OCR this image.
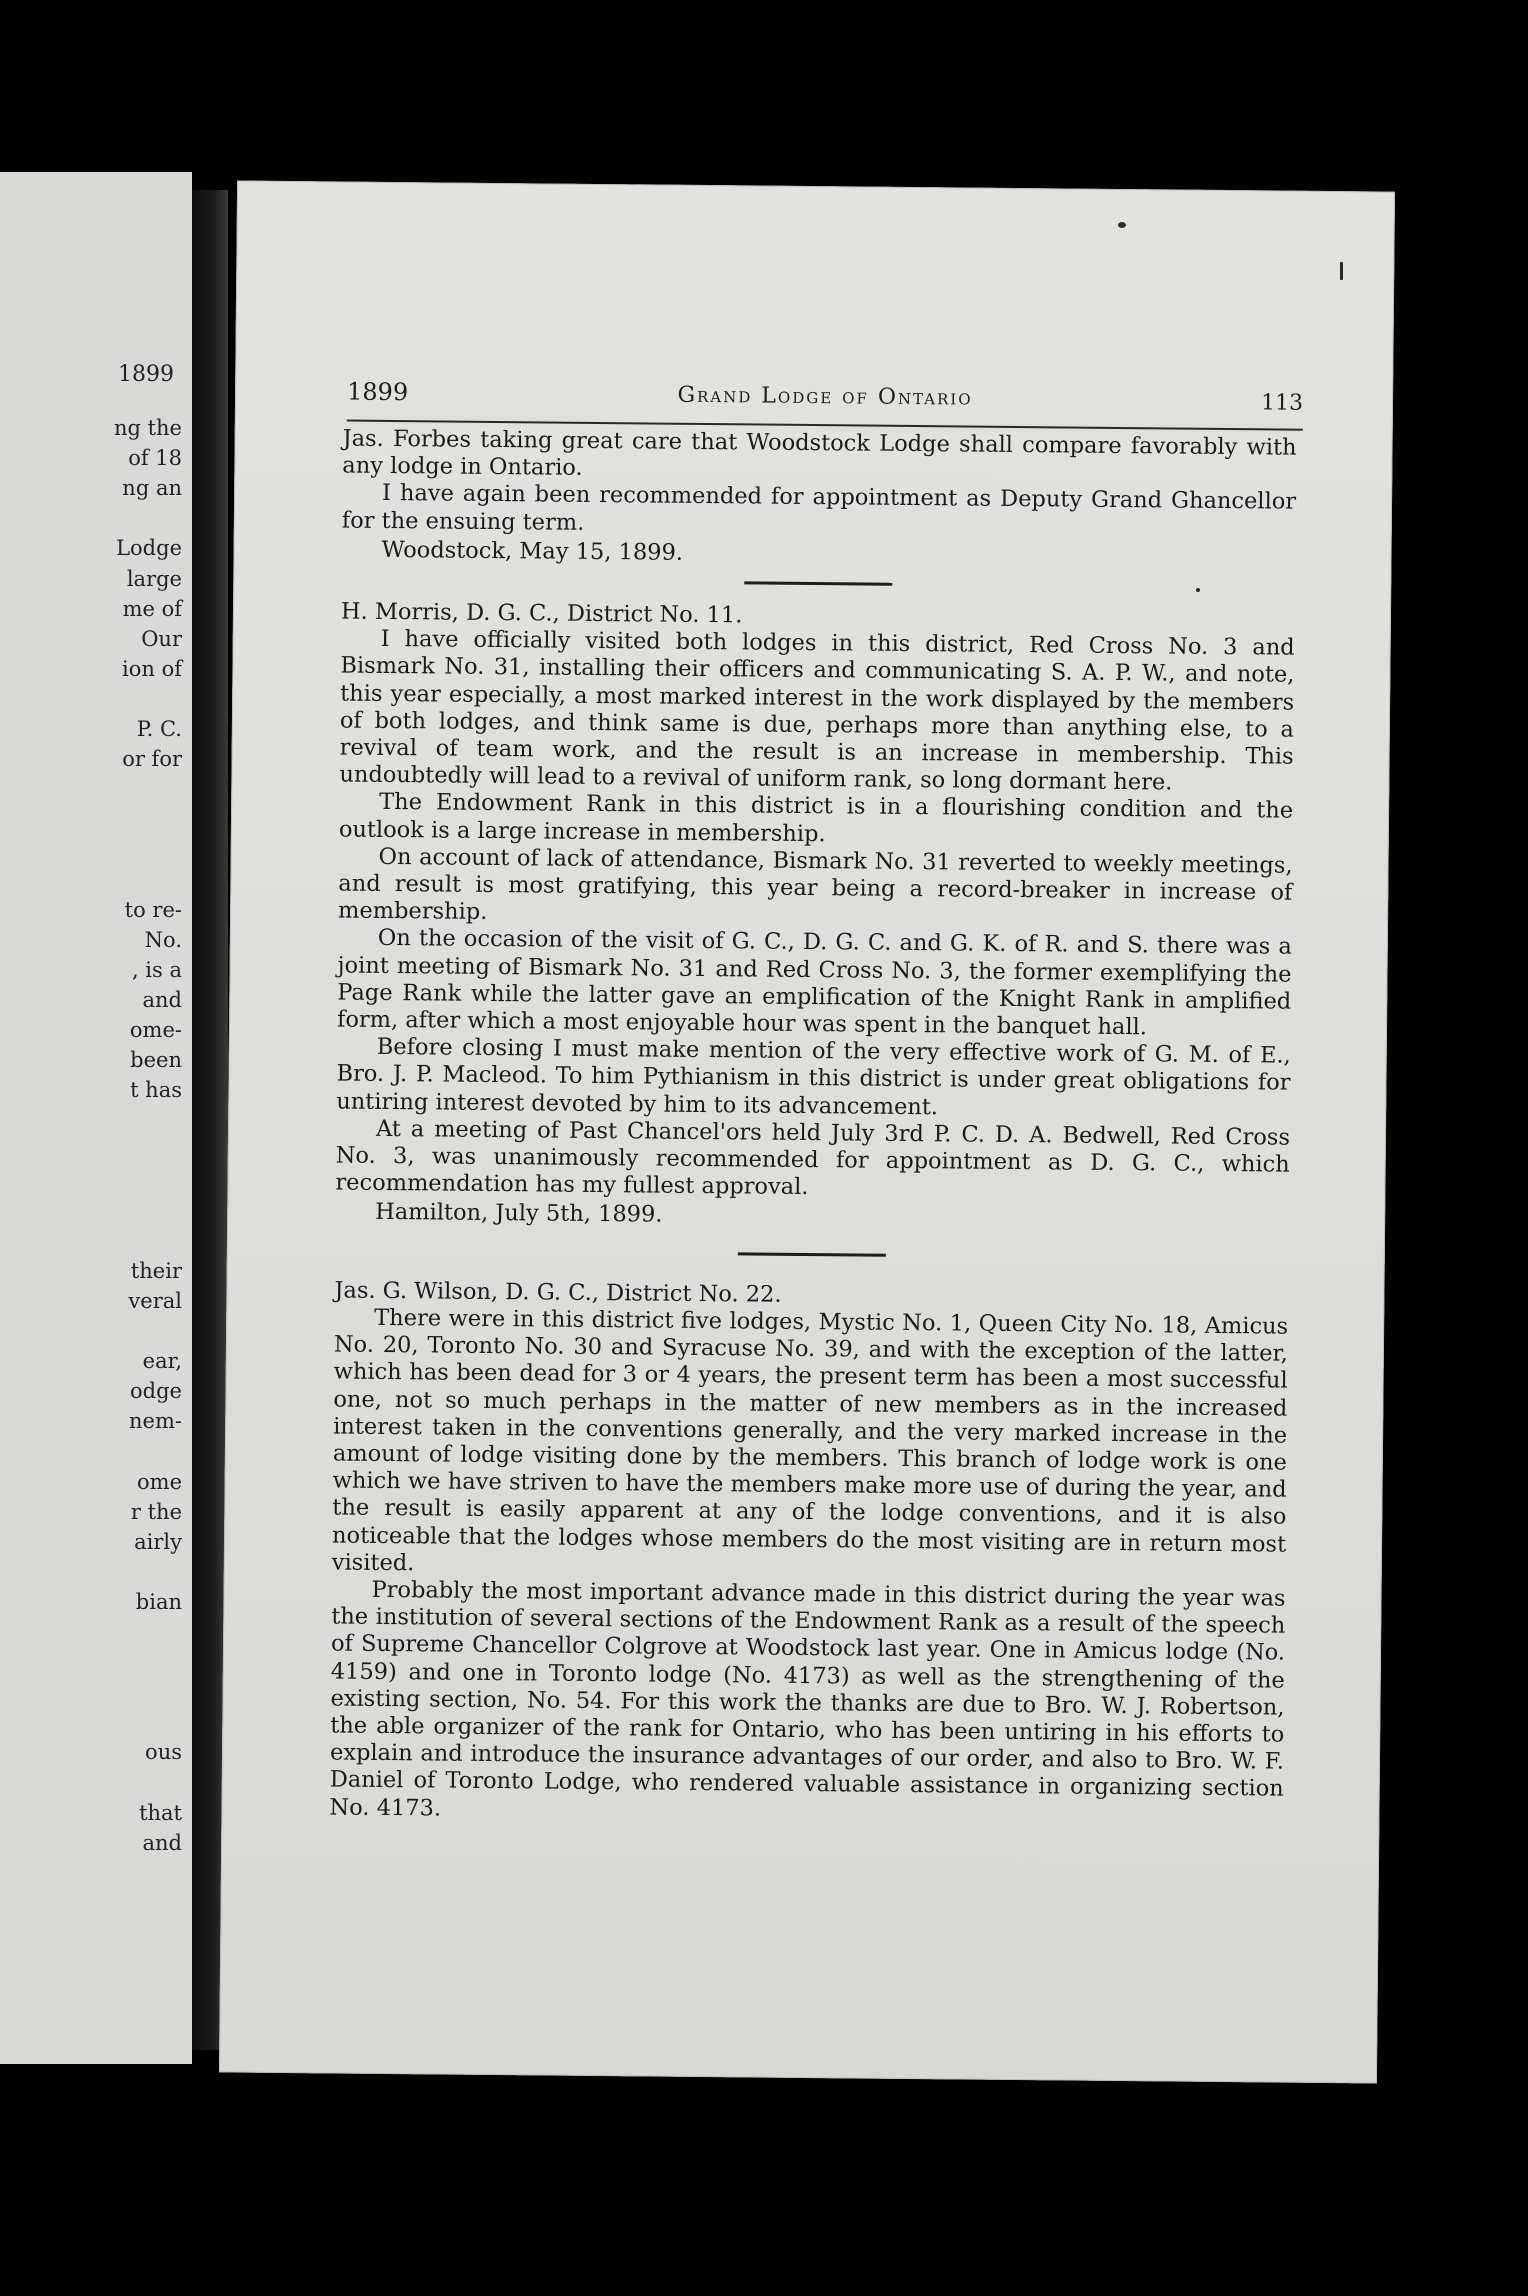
1899
ng the
of 18
ng an
Lodge
large
me of
Our
ion of
P. C.
or for
to re-
No.
, is a
and
ome-
been
t has
their
veral
ear,
odge
nem-
ome
r the
airly
bian
ous
that
and
1899	Grand Lodge of Ontario	113

Jas. Forbes taking great care that Woodstock Lodge shall compare favorably with any lodge in Ontario.

I have again been recommended for appointment as Deputy Grand Ghancellor for the ensuing term.

Woodstock, May 15, 1899.

H. Morris, D. G. C., District No. 11.

I have officially visited both lodges in this district, Red Cross No. 3 and Bismark No. 31, installing their officers and communicating S. A. P. W., and note, this year especially, a most marked interest in the work displayed by the members of both lodges, and think same is due, perhaps more than anything else, to a revival of team work, and the result is an increase in membership. This undoubtedly will lead to a revival of uniform rank, so long dormant here.

The Endowment Rank in this district is in a flourishing condition and the outlook is a large increase in membership.

On account of lack of attendance, Bismark No. 31 reverted to weekly meetings, and result is most gratifying, this year being a record-breaker in increase of membership.

On the occasion of the visit of G. C., D. G. C. and G. K. of R. and S. there was a joint meeting of Bismark No. 31 and Red Cross No. 3, the former exemplifying the Page Rank while the latter gave an emplification of the Knight Rank in amplified form, after which a most enjoyable hour was spent in the banquet hall.

Before closing I must make mention of the very effective work of G. M. of E., Bro. J. P. Macleod. To him Pythianism in this district is under great obligations for untiring interest devoted by him to its advancement.

At a meeting of Past Chancel'ors held July 3rd P. C. D. A. Bedwell, Red Cross No. 3, was unanimously recommended for appointment as D. G. C., which recommendation has my fullest approval.

Hamilton, July 5th, 1899.

Jas. G. Wilson, D. G. C., District No. 22.

There were in this district five lodges, Mystic No. 1, Queen City No. 18, Amicus No. 20, Toronto No. 30 and Syracuse No. 39, and with the exception of the latter, which has been dead for 3 or 4 years, the present term has been a most successful one, not so much perhaps in the matter of new members as in the increased interest taken in the conventions generally, and the very marked increase in the amount of lodge visiting done by the members. This branch of lodge work is one which we have striven to have the members make more use of during the year, and the result is easily apparent at any of the lodge conventions, and it is also noticeable that the lodges whose members do the most visiting are in return most visited.

Probably the most important advance made in this district during the year was the institution of several sections of the Endowment Rank as a result of the speech of Supreme Chancellor Colgrove at Woodstock last year. One in Amicus lodge (No. 4159) and one in Toronto lodge (No. 4173) as well as the strengthening of the existing section, No. 54. For this work the thanks are due to Bro. W. J. Robertson, the able organizer of the rank for Ontario, who has been untiring in his efforts to explain and introduce the insurance advantages of our order, and also to Bro. W. F. Daniel of Toronto Lodge, who rendered valuable assistance in organizing section No. 4173.
